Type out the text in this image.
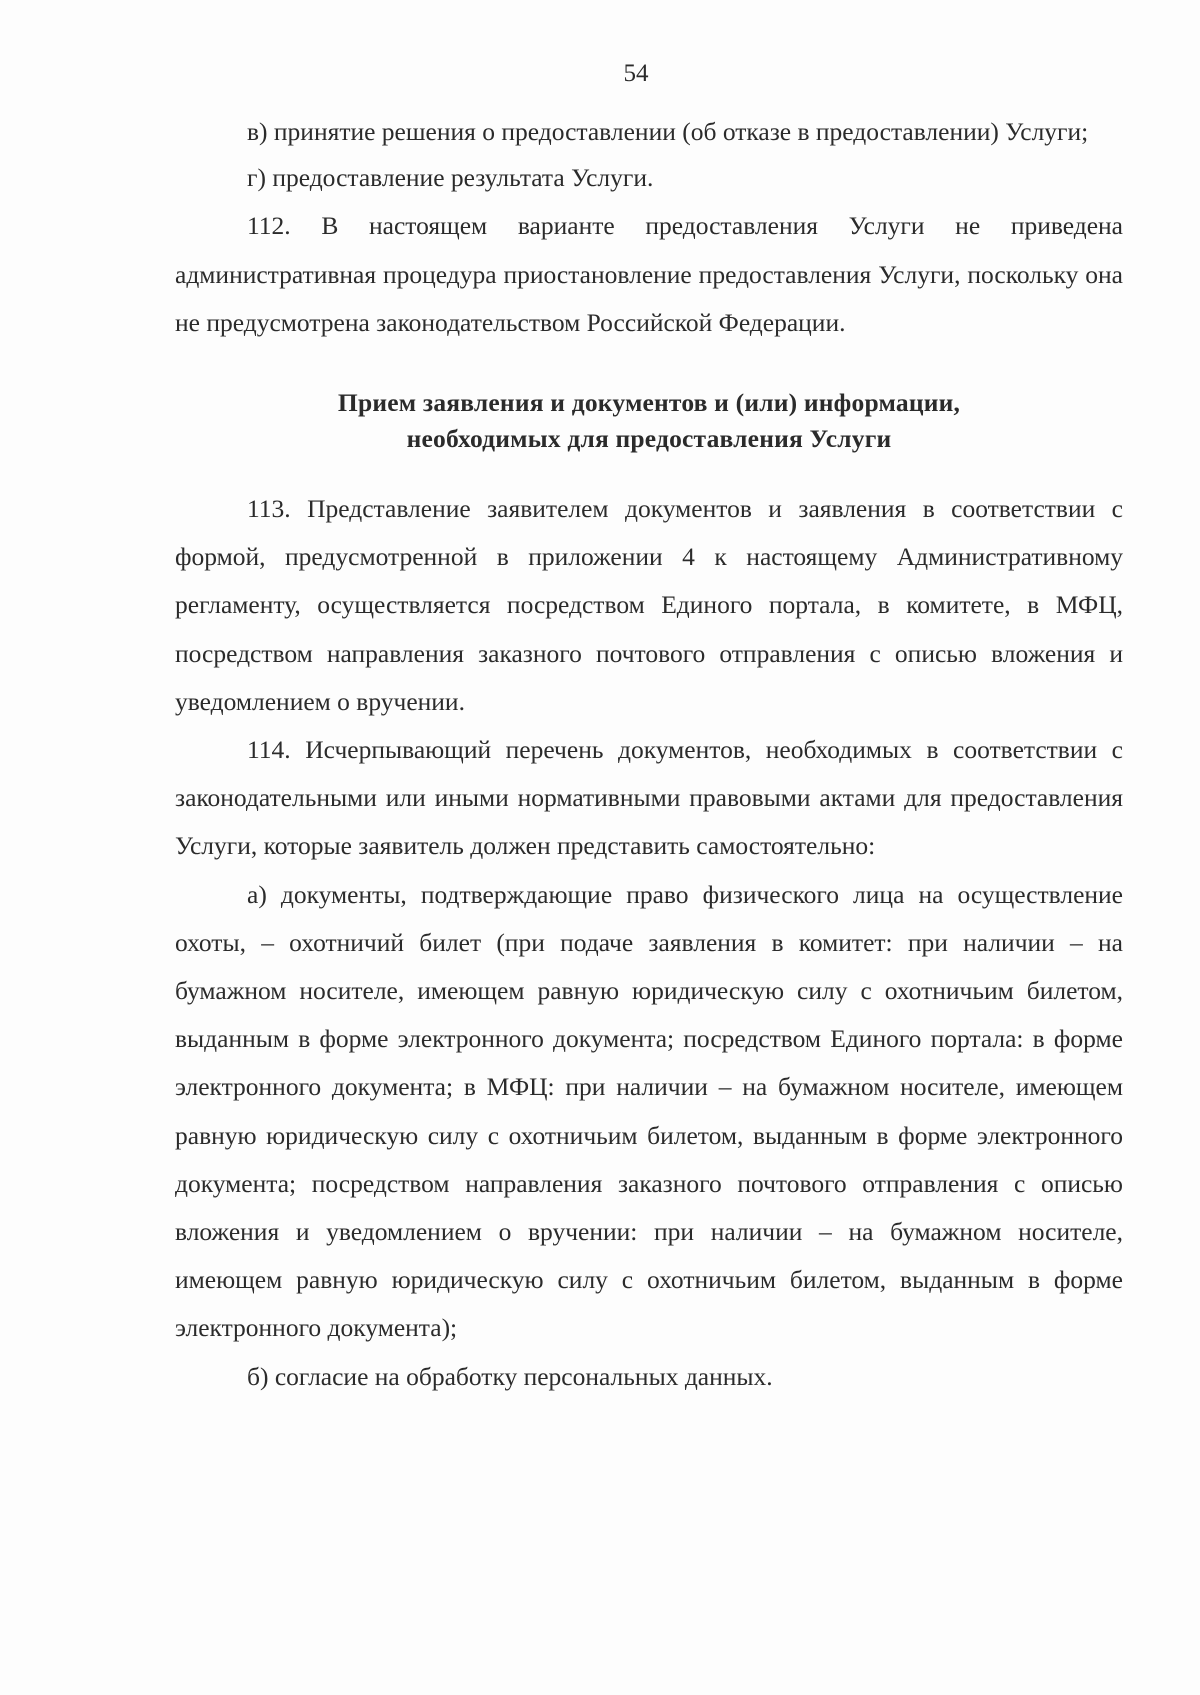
54

в) принятие решения о предоставлении (об отказе в предоставлении) Услуги;

г) предоставление результата Услуги.

112. В настоящем варианте предоставления Услуги не приведена административная процедура приостановление предоставления Услуги, поскольку она не предусмотрена законодательством Российской Федерации.

Прием заявления и документов и (или) информации,
необходимых для предоставления Услуги

113. Представление заявителем документов и заявления в соответствии с формой, предусмотренной в приложении 4 к настоящему Административному регламенту, осуществляется посредством Единого портала, в комитете, в МФЦ, посредством направления заказного почтового отправления с описью вложения и уведомлением о вручении.

114. Исчерпывающий перечень документов, необходимых в соответствии с законодательными или иными нормативными правовыми актами для предоставления Услуги, которые заявитель должен представить самостоятельно:

а) документы, подтверждающие право физического лица на осуществление охоты, – охотничий билет (при подаче заявления в комитет: при наличии – на бумажном носителе, имеющем равную юридическую силу с охотничьим билетом, выданным в форме электронного документа; посредством Единого портала: в форме электронного документа; в МФЦ: при наличии – на бумажном носителе, имеющем равную юридическую силу с охотничьим билетом, выданным в форме электронного документа; посредством направления заказного почтового отправления с описью вложения и уведомлением о вручении: при наличии – на бумажном носителе, имеющем равную юридическую силу с охотничьим билетом, выданным в форме электронного документа);

б) согласие на обработку персональных данных.
